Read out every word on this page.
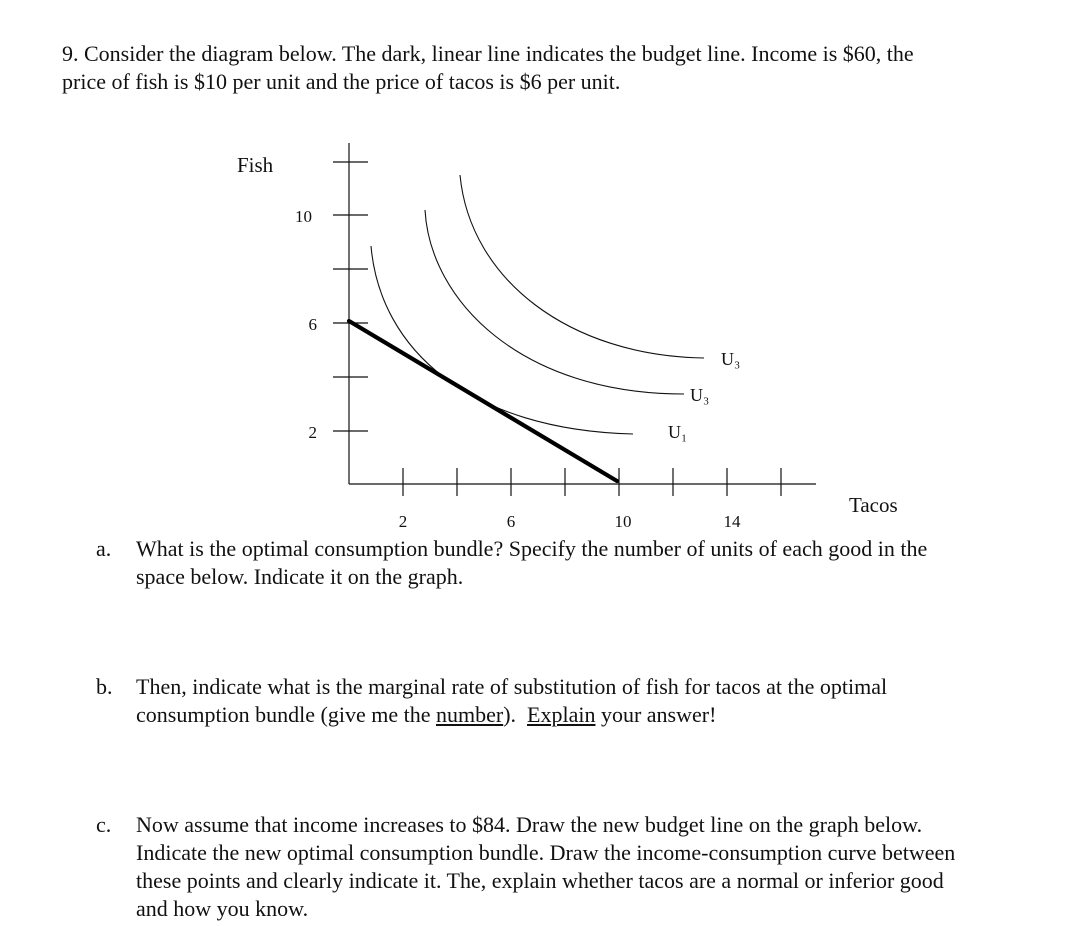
9. Consider the diagram below. The dark, linear line indicates the budget line. Income is $60, the
price of fish is $10 per unit and the price of tacos is $6 per unit.
Fish
Tacos
10
6
2
2	6	10	14
U₁
U₃
U₃
a. What is the optimal consumption bundle? Specify the number of units of each good in the
space below. Indicate it on the graph.
b. Then, indicate what is the marginal rate of substitution of fish for tacos at the optimal
consumption bundle (give me the number).  Explain your answer!
c. Now assume that income increases to $84. Draw the new budget line on the graph below.
Indicate the new optimal consumption bundle. Draw the income-consumption curve between
these points and clearly indicate it. The, explain whether tacos are a normal or inferior good
and how you know.
